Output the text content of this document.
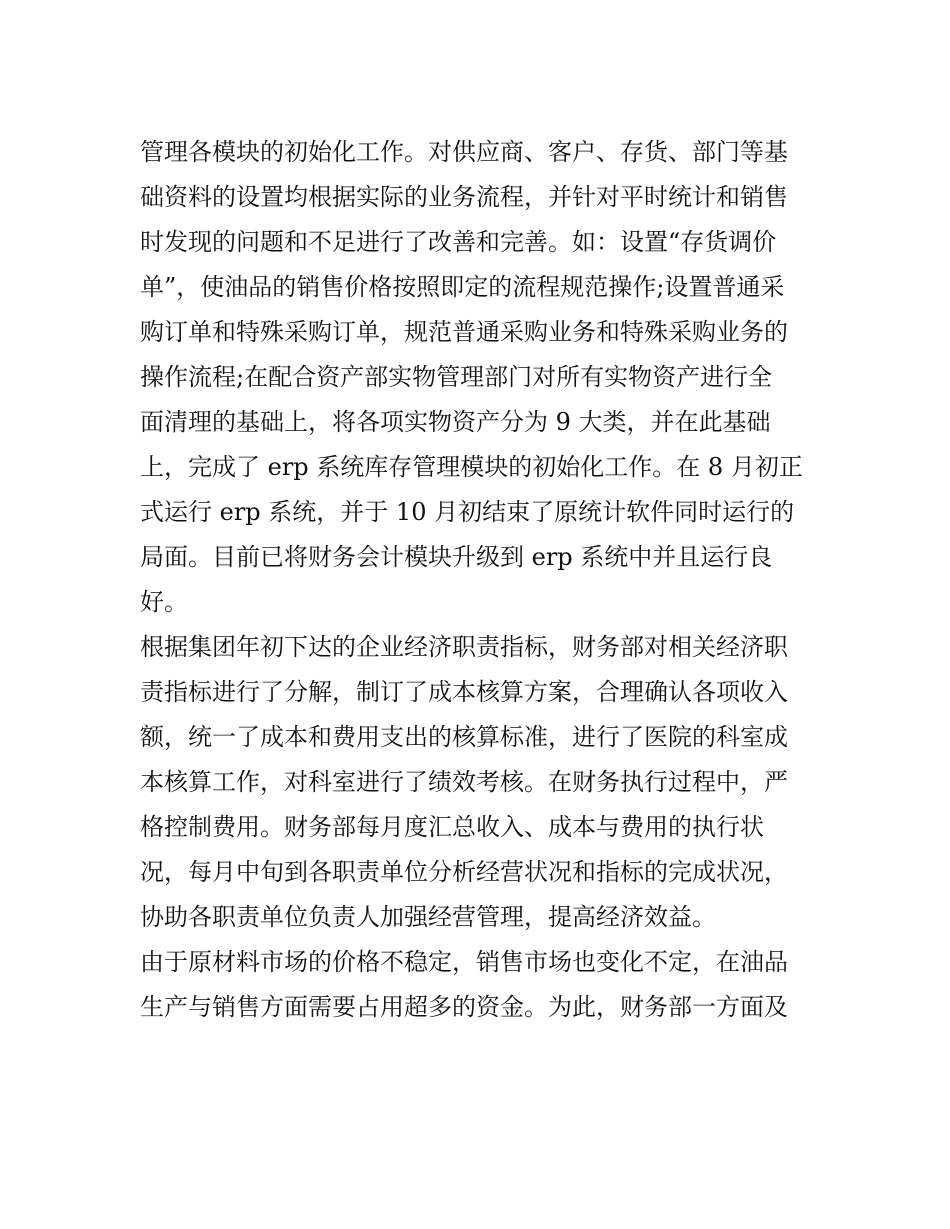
管理各模块的初始化工作。对供应商、客户、存货、部门等基
础资料的设置均根据实际的业务流程，并针对平时统计和销售
时发现的问题和不足进行了改善和完善。如：设置“存货调价
单”，使油品的销售价格按照即定的流程规范操作;设置普通采
购订单和特殊采购订单，规范普通采购业务和特殊采购业务的
操作流程;在配合资产部实物管理部门对所有实物资产进行全
面清理的基础上，将各项实物资产分为 9 大类，并在此基础
上，完成了 erp 系统库存管理模块的初始化工作。在 8 月初正
式运行 erp 系统，并于 10 月初结束了原统计软件同时运行的
局面。目前已将财务会计模块升级到 erp 系统中并且运行良
好。
根据集团年初下达的企业经济职责指标，财务部对相关经济职
责指标进行了分解，制订了成本核算方案，合理确认各项收入
额，统一了成本和费用支出的核算标准，进行了医院的科室成
本核算工作，对科室进行了绩效考核。在财务执行过程中，严
格控制费用。财务部每月度汇总收入、成本与费用的执行状
况，每月中旬到各职责单位分析经营状况和指标的完成状况，
协助各职责单位负责人加强经营管理，提高经济效益。
由于原材料市场的价格不稳定，销售市场也变化不定，在油品
生产与销售方面需要占用超多的资金。为此，财务部一方面及
